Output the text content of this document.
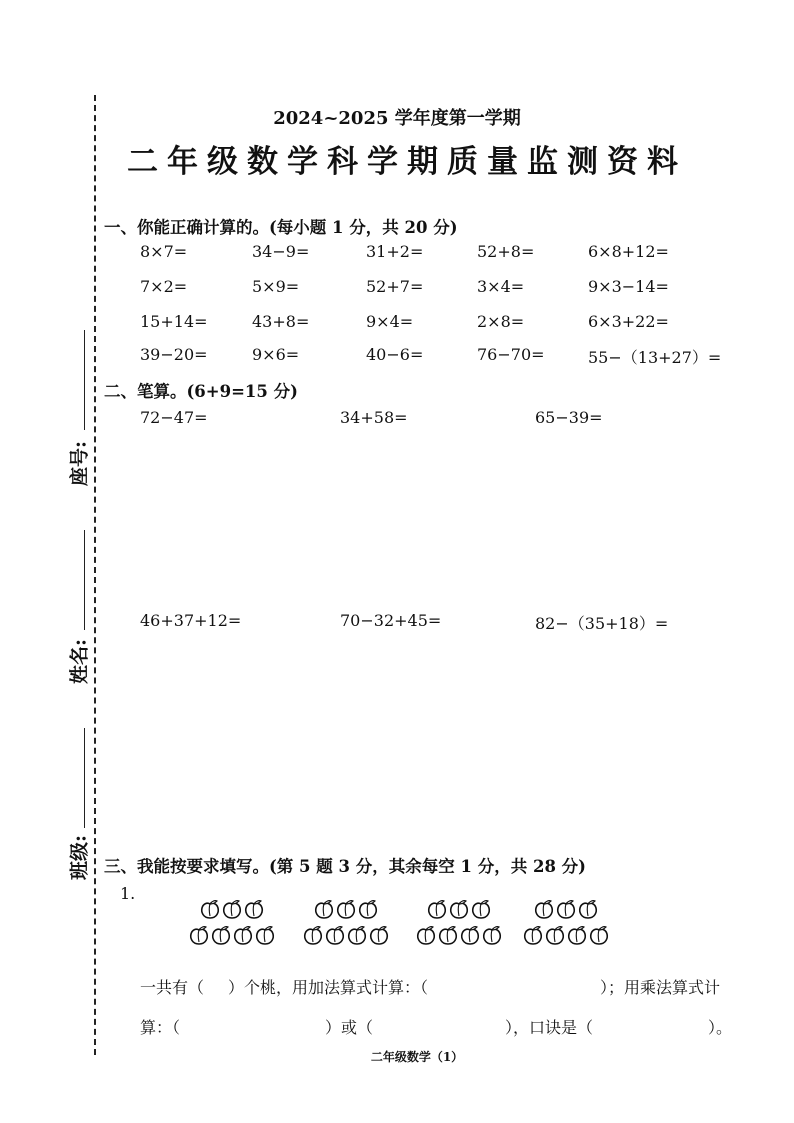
座号:
姓名:
班级:
2024~2025 学年度第一学期
二年级数学科学期质量监测资料
一、你能正确计算的。(每小题 1 分，共 20 分)
8×7=	34−9=	31+2=	52+8=	6×8+12=
7×2=	5×9=	52+7=	3×4=	9×3−14=
15+14=	43+8=	9×4=	2×8=	6×3+22=
39−20=	9×6=	40−6=	76−70=	55−（13+27）=
二、笔算。(6+9=15 分)
72−47=	34+58=	65−39=
46+37+12=	70−32+45=	82−（35+18）=
三、我能按要求填写。(第 5 题 3 分，其余每空 1 分，共 28 分)
1.
一共有（ ）个桃，用加法算式计算：（	）；用乘法算式计
算：（	）或（	），口诀是（	）。
二年级数学（1）
